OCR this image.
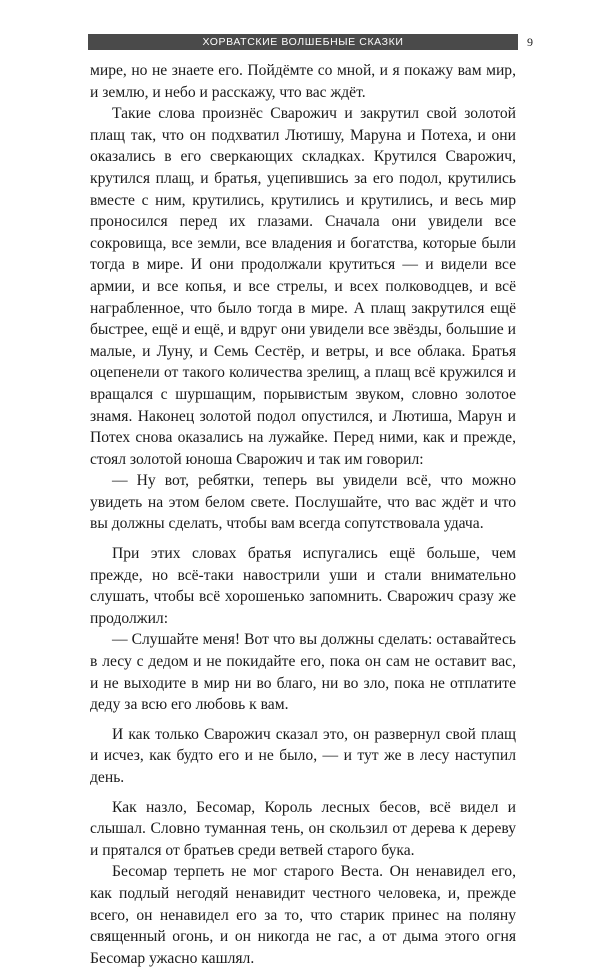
ХОРВАТСКИЕ ВОЛШЕБНЫЕ СКАЗКИ	9

мире, но не знаете его. Пойдёмте со мной, и я покажу вам мир, и землю, и небо и расскажу, что вас ждёт.

Такие слова произнёс Сварожич и закрутил свой золотой плащ так, что он подхватил Лютишу, Маруна и Потеха, и они оказались в его сверкающих складках. Крутился Сварожич, крутился плащ, и братья, уцепившись за его подол, крутились вместе с ним, крутились, крутились и крутились, и весь мир проносился перед их глазами. Сначала они увидели все сокровища, все земли, все владения и богатства, которые были тогда в мире. И они продолжали крутиться — и видели все армии, и все копья, и все стрелы, и всех полководцев, и всё награбленное, что было тогда в мире. А плащ закрутился ещё быстрее, ещё и ещё, и вдруг они увидели все звёзды, большие и малые, и Луну, и Семь Сестёр, и ветры, и все облака. Братья оцепенели от такого количества зрелищ, а плащ всё кружился и вращался с шуршащим, порывистым звуком, словно золотое знамя. Наконец золотой подол опустился, и Лютиша, Марун и Потех снова оказались на лужайке. Перед ними, как и прежде, стоял золотой юноша Сварожич и так им говорил:

— Ну вот, ребятки, теперь вы увидели всё, что можно увидеть на этом белом свете. Послушайте, что вас ждёт и что вы должны сделать, чтобы вам всегда сопутствовала удача.

При этих словах братья испугались ещё больше, чем прежде, но всё-таки навострили уши и стали внимательно слушать, чтобы всё хорошенько запомнить. Сварожич сразу же продолжил:

— Слушайте меня! Вот что вы должны сделать: оставайтесь в лесу с дедом и не покидайте его, пока он сам не оставит вас, и не выходите в мир ни во благо, ни во зло, пока не отплатите деду за всю его любовь к вам.

И как только Сварожич сказал это, он развернул свой плащ и исчез, как будто его и не было, — и тут же в лесу наступил день.

Как назло, Бесомар, Король лесных бесов, всё видел и слышал. Словно туманная тень, он скользил от дерева к дереву и прятался от братьев среди ветвей старого бука.

Бесомар терпеть не мог старого Веста. Он ненавидел его, как подлый негодяй ненавидит честного человека, и, прежде всего, он ненавидел его за то, что старик принес на поляну священный огонь, и он никогда не гас, а от дыма этого огня Бесомар ужасно кашлял.
